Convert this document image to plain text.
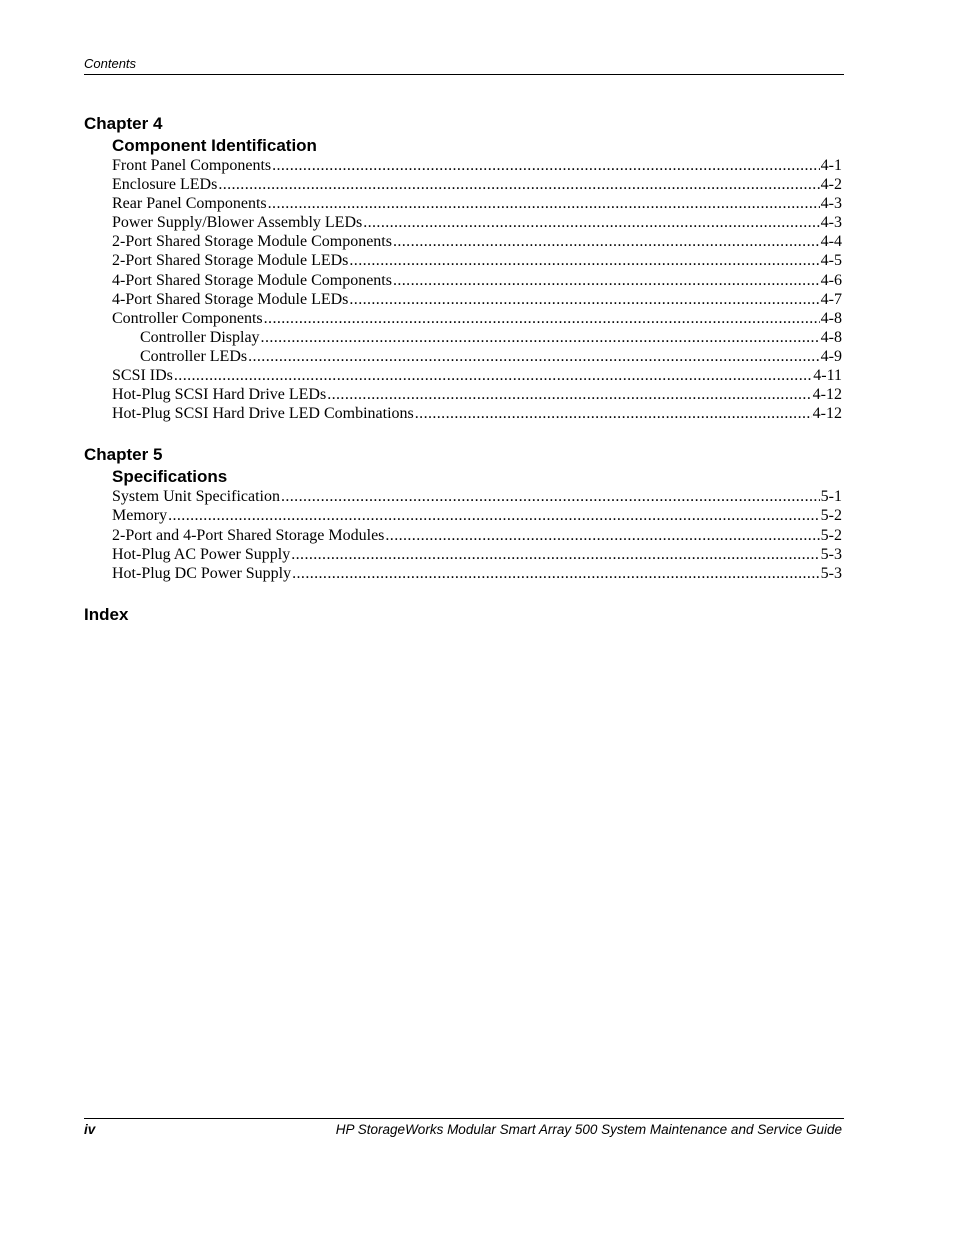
Contents
Chapter 4
Component Identification
Front Panel Components .....	4-1
Enclosure LEDs .....	4-2
Rear Panel Components .....	4-3
Power Supply/Blower Assembly LEDs .....	4-3
2-Port Shared Storage Module Components .....	4-4
2-Port Shared Storage Module LEDs .....	4-5
4-Port Shared Storage Module Components .....	4-6
4-Port Shared Storage Module LEDs .....	4-7
Controller Components .....	4-8
Controller Display .....	4-8
Controller LEDs .....	4-9
SCSI IDs .....	4-11
Hot-Plug SCSI Hard Drive LEDs .....	4-12
Hot-Plug SCSI Hard Drive LED Combinations .....	4-12
Chapter 5
Specifications
System Unit Specification .....	5-1
Memory .....	5-2
2-Port and 4-Port Shared Storage Modules .....	5-2
Hot-Plug AC Power Supply .....	5-3
Hot-Plug DC Power Supply .....	5-3
Index
iv	HP StorageWorks Modular Smart Array 500 System Maintenance and Service Guide
